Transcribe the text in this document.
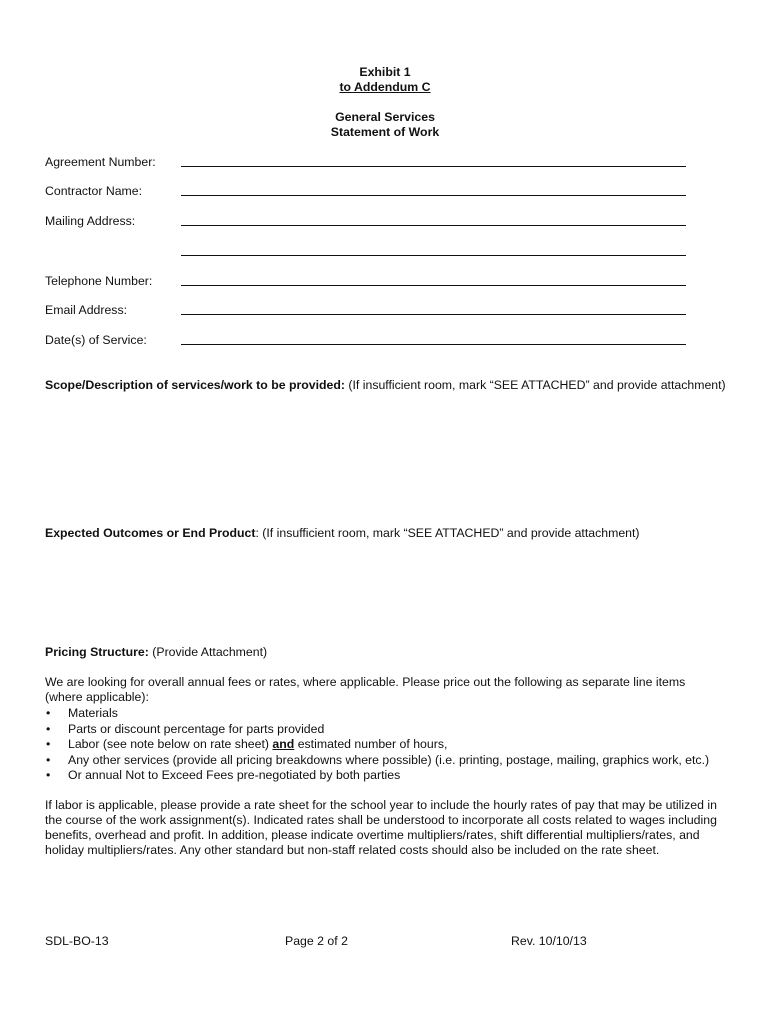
Exhibit 1
to Addendum C
General Services
Statement of Work
Agreement Number:
Contractor Name:
Mailing Address:
Telephone Number:
Email Address:
Date(s) of Service:
Scope/Description of services/work to be provided: (If insufficient room, mark “SEE ATTACHED” and provide attachment)
Expected Outcomes or End Product: (If insufficient room, mark “SEE ATTACHED” and provide attachment)
Pricing Structure: (Provide Attachment)
We are looking for overall annual fees or rates, where applicable. Please price out the following as separate line items (where applicable):
• Materials
• Parts or discount percentage for parts provided
• Labor (see note below on rate sheet) and estimated number of hours,
• Any other services (provide all pricing breakdowns where possible) (i.e. printing, postage, mailing, graphics work, etc.)
• Or annual Not to Exceed Fees pre-negotiated by both parties
If labor is applicable, please provide a rate sheet for the school year to include the hourly rates of pay that may be utilized in the course of the work assignment(s). Indicated rates shall be understood to incorporate all costs related to wages including benefits, overhead and profit. In addition, please indicate overtime multipliers/rates, shift differential multipliers/rates, and holiday multipliers/rates. Any other standard but non-staff related costs should also be included on the rate sheet.
SDL-BO-13	Page 2 of 2	Rev. 10/10/13
